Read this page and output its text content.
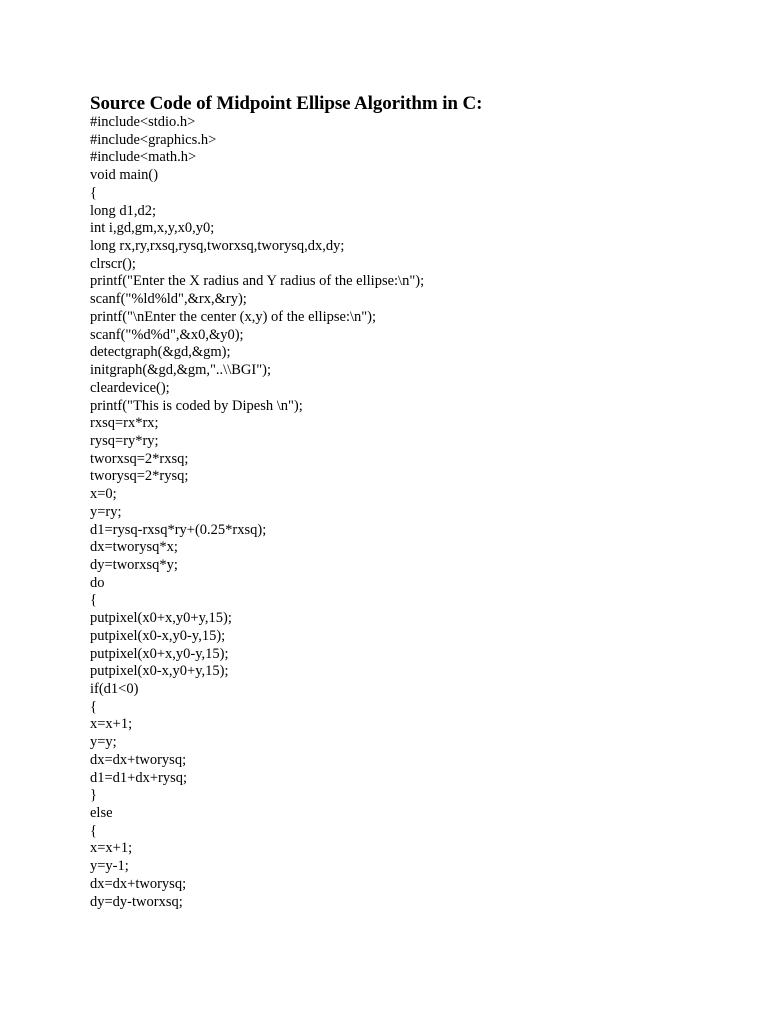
Source Code of Midpoint Ellipse Algorithm in C:
#include<stdio.h>
#include<graphics.h>
#include<math.h>
void main()
{
long d1,d2;
int i,gd,gm,x,y,x0,y0;
long rx,ry,rxsq,rysq,tworxsq,tworysq,dx,dy;
clrscr();
printf("Enter the X radius and Y radius of the ellipse:\n");
scanf("%ld%ld",&rx,&ry);
printf("\nEnter the center (x,y) of the ellipse:\n");
scanf("%d%d",&x0,&y0);
detectgraph(&gd,&gm);
initgraph(&gd,&gm,"..\\BGI");
cleardevice();
printf("This is coded by Dipesh \n");
rxsq=rx*rx;
rysq=ry*ry;
tworxsq=2*rxsq;
tworysq=2*rysq;
x=0;
y=ry;
d1=rysq-rxsq*ry+(0.25*rxsq);
dx=tworysq*x;
dy=tworxsq*y;
do
{
putpixel(x0+x,y0+y,15);
putpixel(x0-x,y0-y,15);
putpixel(x0+x,y0-y,15);
putpixel(x0-x,y0+y,15);
if(d1<0)
{
x=x+1;
y=y;
dx=dx+tworysq;
d1=d1+dx+rysq;
}
else
{
x=x+1;
y=y-1;
dx=dx+tworysq;
dy=dy-tworxsq;
